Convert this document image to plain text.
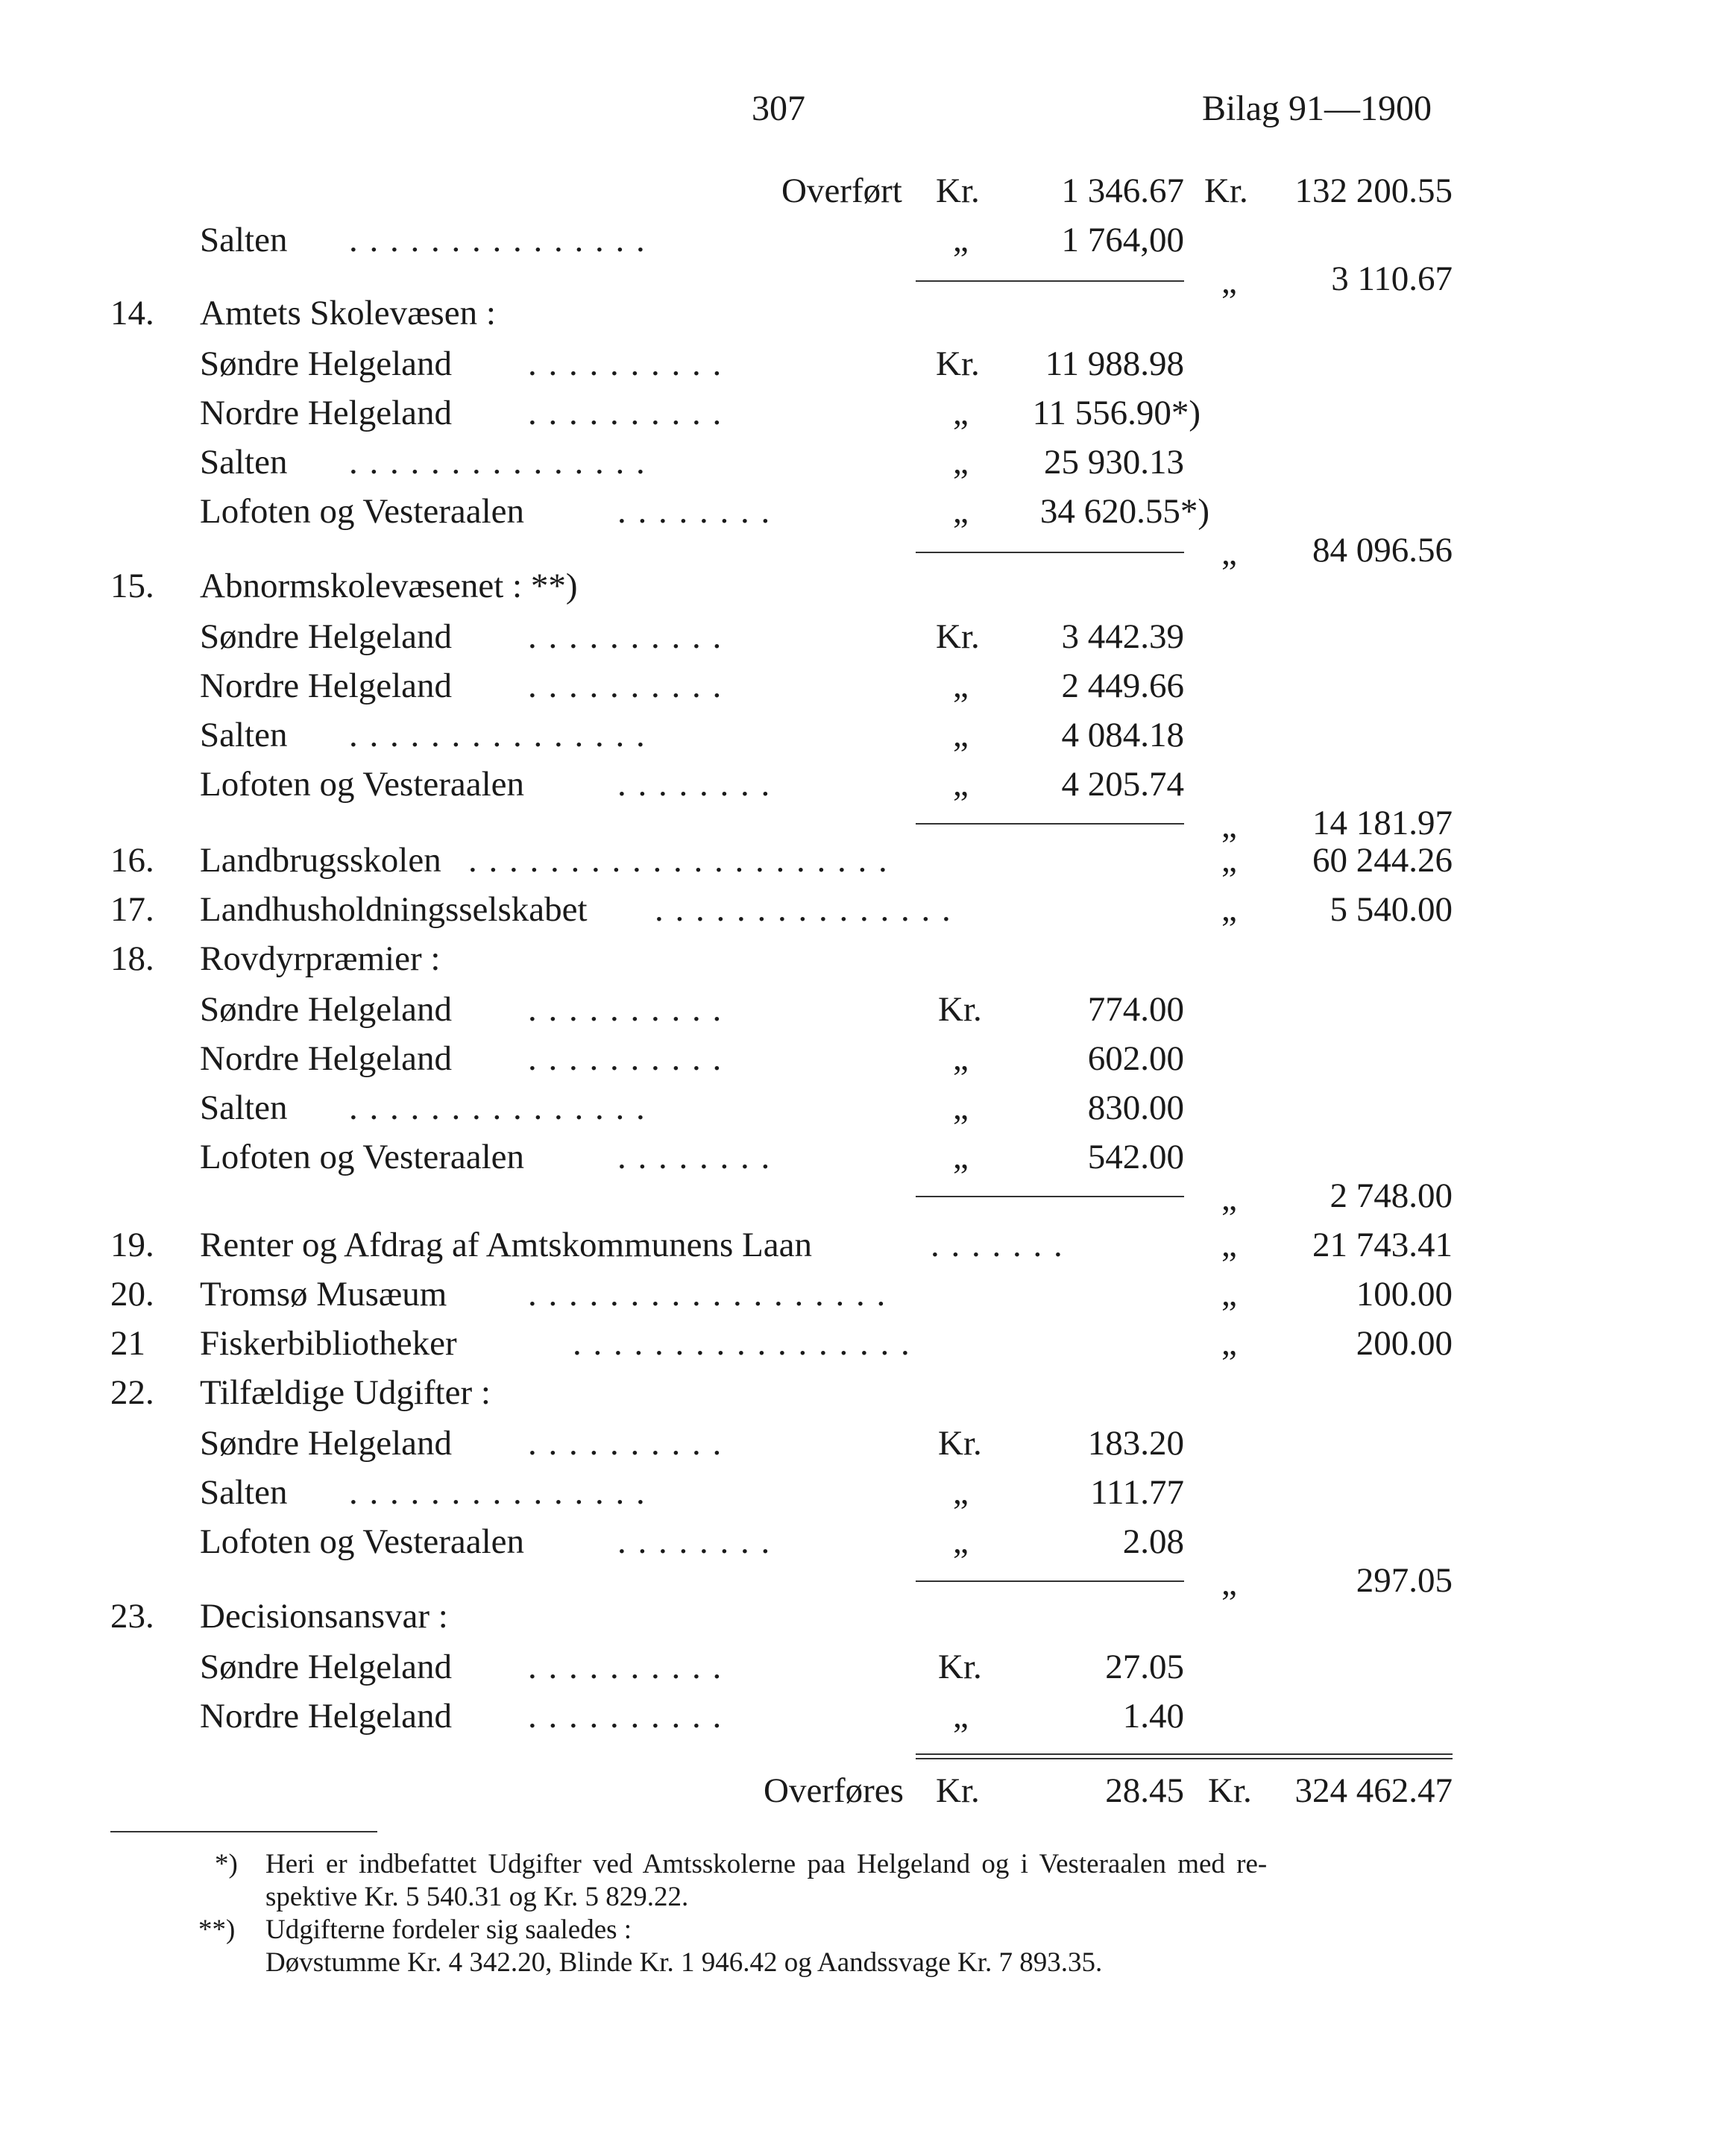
307	Bilag 91—1900
Overført Kr.	1 346.67 Kr.	132 200.55
Salten . . . . . . . . . . . . . . .	„	1 764,00
„	3 110.67
14. Amtets Skolevæsen :
Søndre Helgeland . . . . . . . . . .	Kr.	11 988.98
Nordre Helgeland . . . . . . . . . .	„	11 556.90*)
Salten . . . . . . . . . . . . . . .	„	25 930.13
Lofoten og Vesteraalen	. . . . . . . .	„	34 620.55*)
„	84 096.56
15. Abnormskolevæsenet : **)
Søndre Helgeland . . . . . . . . . .	Kr.	3 442.39
Nordre Helgeland . . . . . . . . . .	„	2 449.66
Salten . . . . . . . . . . . . . . .	„	4 084.18
Lofoten og Vesteraalen	. . . . . . . .	„	4 205.74
„	14 181.97
16. Landbrugsskolen . . . . . . . . . . . . . . . . . . . . .	„	60 244.26
17. Landhusholdningsselskabet . . . . . . . . . . . . . . .	„	5 540.00
18. Rovdyrpræmier :
Søndre Helgeland . . . . . . . . . .	Kr.	774.00
Nordre Helgeland . . . . . . . . . .	„	602.00
Salten . . . . . . . . . . . . . . .	„	830.00
Lofoten og Vesteraalen	. . . . . . . .	„	542.00
„	2 748.00
19. Renter og Afdrag af Amtskommunens Laan	. . . . . . .	„	21 743.41
20. Tromsø Musæum . . . . . . . . . . . . . . . . . .	„	100.00
21 Fiskerbibliotheker	. . . . . . . . . . . . . . . . .	„	200.00
22. Tilfældige Udgifter :
Søndre Helgeland . . . . . . . . . .	Kr.	183.20
Salten . . . . . . . . . . . . . . .	„	111.77
Lofoten og Vesteraalen	. . . . . . . .	„	2.08
„	297.05
23. Decisionsansvar :
Søndre Helgeland . . . . . . . . . .	Kr.	27.05
Nordre Helgeland . . . . . . . . . .	„	1.40
Overføres Kr.	28.45 Kr.	324 462.47
*) Heri er indbefattet Udgifter ved Amtsskolerne paa Helgeland og i Vesteraalen med re-
spektive Kr. 5 540.31 og Kr. 5 829.22.
**) Udgifterne fordeler sig saaledes :
Døvstumme Kr. 4 342.20, Blinde Kr. 1 946.42 og Aandssvage Kr. 7 893.35.
